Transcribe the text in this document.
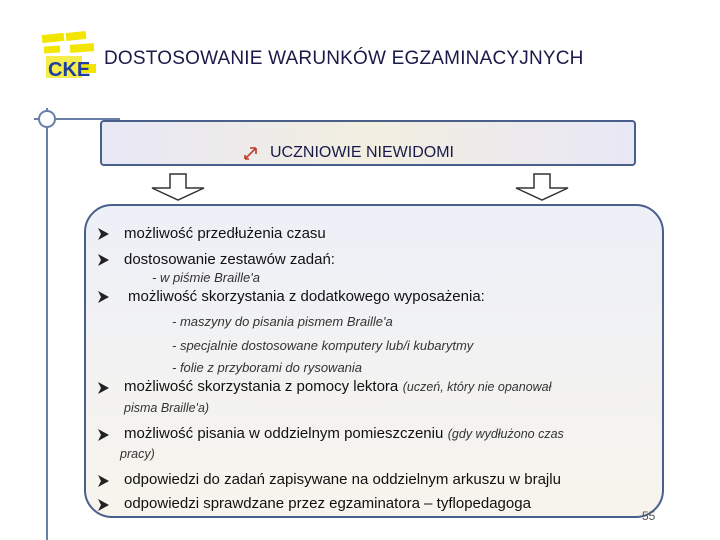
CKE
DOSTOSOWANIE WARUNKÓW EGZAMINACYJNYCH
UCZNIOWIE NIEWIDOMI
możliwość przedłużenia czasu
dostosowanie zestawów zadań:
- w piśmie Braille'a
możliwość skorzystania z dodatkowego wyposażenia:
- maszyny do pisania pismem Braille'a
- specjalnie dostosowane komputery lub/i kubarytmy
- folie z przyborami do rysowania
możliwość skorzystania z pomocy lektora (uczeń, który nie opanował
pisma Braille'a)
możliwość pisania w oddzielnym pomieszczeniu (gdy wydłużono czas
pracy)
odpowiedzi do zadań zapisywane na oddzielnym arkuszu w brajlu
odpowiedzi sprawdzane przez egzaminatora – tyflopedagoga
55
